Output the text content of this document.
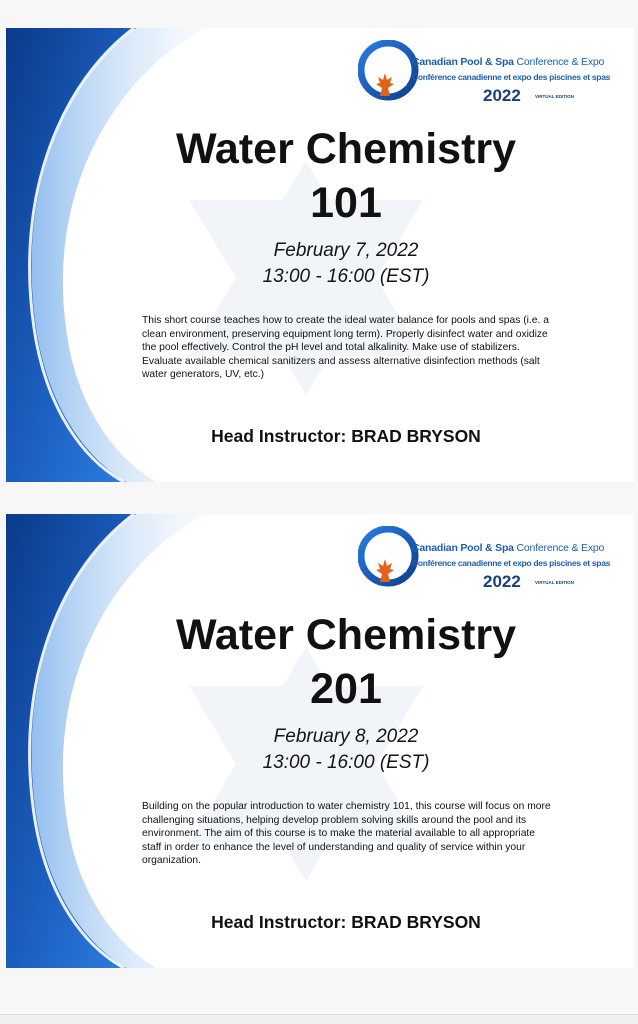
Canadian Pool & Spa Conference & Expo
Conférence canadienne et expo des piscines et spas
2022	VIRTUAL EDITION
Water Chemistry
101
February 7, 2022
13:00 - 16:00 (EST)

This short course teaches how to create the ideal water balance for pools and spas (i.e. a clean environment, preserving equipment long term). Properly disinfect water and oxidize the pool effectively. Control the pH level and total alkalinity. Make use of stabilizers. Evaluate available chemical sanitizers and assess alternative disinfection methods (salt water generators, UV, etc.)

Head Instructor: BRAD BRYSON
Canadian Pool & Spa Conference & Expo
Conférence canadienne et expo des piscines et spas
2022	VIRTUAL EDITION
Water Chemistry
201
February 8, 2022
13:00 - 16:00 (EST)

Building on the popular introduction to water chemistry 101, this course will focus on more challenging situations, helping develop problem solving skills around the pool and its environment. The aim of this course is to make the material available to all appropriate staff in order to enhance the level of understanding and quality of service within your organization.

Head Instructor: BRAD BRYSON
